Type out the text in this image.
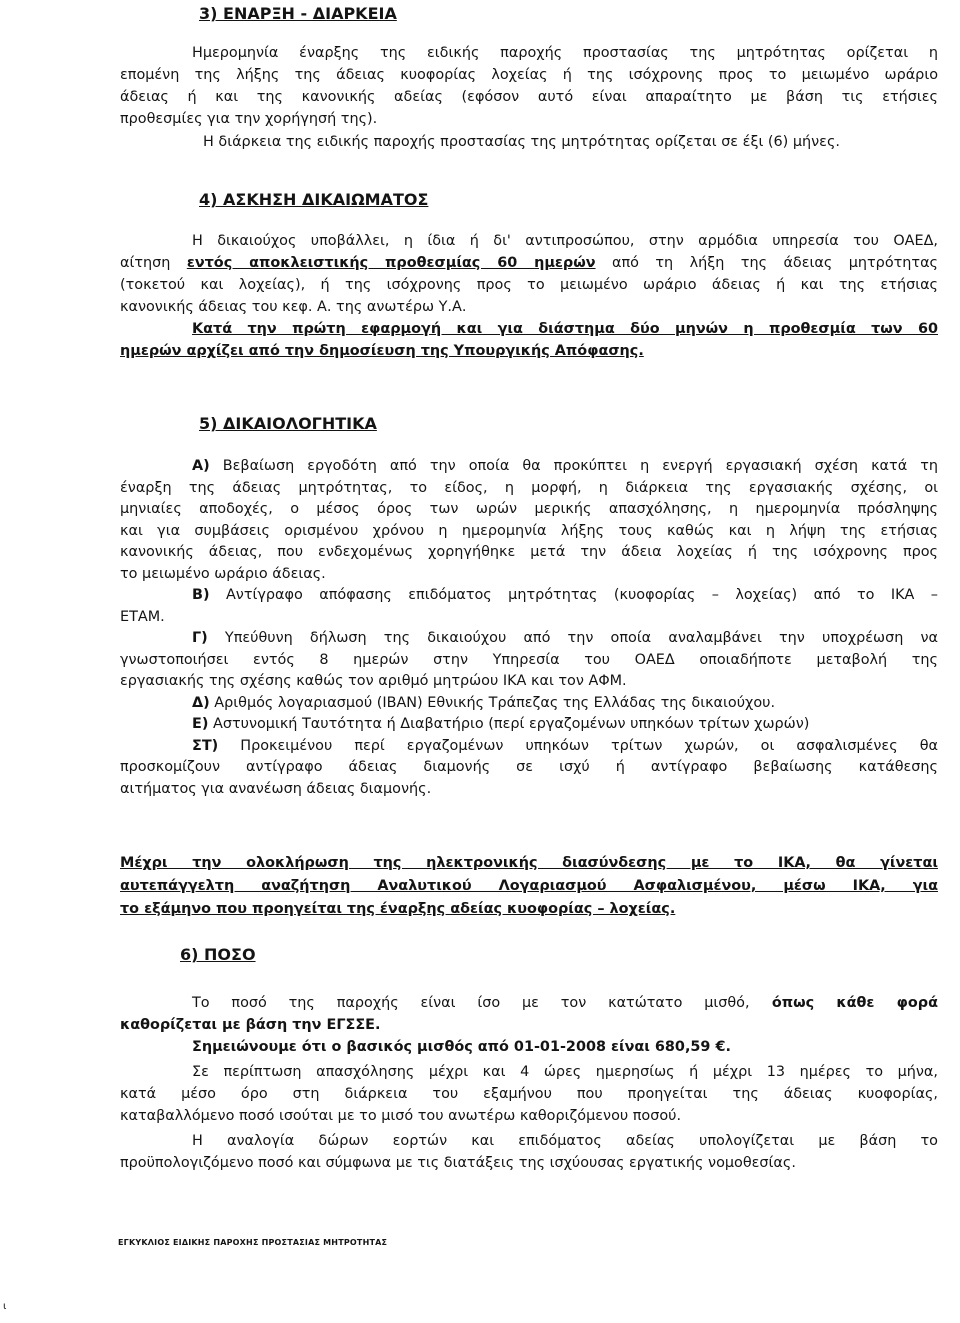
3) ΕΝΑΡΞΗ - ΔΙΑΡΚΕΙΑ
Ημερομηνία έναρξης της ειδικής παροχής προστασίας της μητρότητας ορίζεται η
επομένη της λήξης της άδειας κυοφορίας λοχείας ή της ισόχρονης προς το μειωμένο ωράριο
άδειας ή και της κανονικής αδείας (εφόσον αυτό είναι απαραίτητο με βάση τις ετήσιες
προθεσμίες για την χορήγησή της).
Η διάρκεια της ειδικής παροχής προστασίας της μητρότητας ορίζεται σε έξι (6) μήνες.
4) ΑΣΚΗΣΗ ΔΙΚΑΙΩΜΑΤΟΣ
Η δικαιούχος υποβάλλει, η ίδια ή δι' αντιπροσώπου, στην αρμόδια υπηρεσία του ΟΑΕΔ,
αίτηση εντός αποκλειστικής προθεσμίας 60 ημερών από τη λήξη της άδειας μητρότητας
(τοκετού και λοχείας), ή της ισόχρονης προς το μειωμένο ωράριο άδειας ή και της ετήσιας
κανονικής άδειας του κεφ. Α. της ανωτέρω Υ.Α.
Κατά την πρώτη εφαρμογή και για διάστημα δύο μηνών η προθεσμία των 60
ημερών αρχίζει από την δημοσίευση της Υπουργικής Απόφασης.
5) ΔΙΚΑΙΟΛΟΓΗΤΙΚΑ
Α) Βεβαίωση εργοδότη από την οποία θα προκύπτει η ενεργή εργασιακή σχέση κατά τη
έναρξη της άδειας μητρότητας, το είδος, η μορφή, η διάρκεια της εργασιακής σχέσης, οι
μηνιαίες αποδοχές, ο μέσος όρος των ωρών μερικής απασχόλησης, η ημερομηνία πρόσληψης
και για συμβάσεις ορισμένου χρόνου η ημερομηνία λήξης τους καθώς και η λήψη της ετήσιας
κανονικής άδειας, που ενδεχομένως χορηγήθηκε μετά την άδεια λοχείας ή της ισόχρονης προς
το μειωμένο ωράριο άδειας.
Β) Αντίγραφο απόφασης επιδόματος μητρότητας (κυοφορίας – λοχείας) από το ΙΚΑ –
ΕΤΑΜ.
Γ) Υπεύθυνη δήλωση της δικαιούχου από την οποία αναλαμβάνει την υποχρέωση να
γνωστοποιήσει εντός 8 ημερών στην Υπηρεσία του ΟΑΕΔ οποιαδήποτε μεταβολή της
εργασιακής της σχέσης καθώς τον αριθμό μητρώου ΙΚΑ και τον ΑΦΜ.
Δ) Αριθμός λογαριασμού (IBAN) Εθνικής Τράπεζας της Ελλάδας της δικαιούχου.
Ε) Αστυνομική Ταυτότητα ή Διαβατήριο (περί εργαζομένων υπηκόων τρίτων χωρών)
ΣΤ) Προκειμένου περί εργαζομένων υπηκόων τρίτων χωρών, οι ασφαλισμένες θα
προσκομίζουν αντίγραφο άδειας διαμονής σε ισχύ ή αντίγραφο βεβαίωσης κατάθεσης
αιτήματος για ανανέωση άδειας διαμονής.
Μέχρι την ολοκλήρωση της ηλεκτρονικής διασύνδεσης με το ΙΚΑ, θα γίνεται
αυτεπάγγελτη αναζήτηση Αναλυτικού Λογαριασμού Ασφαλισμένου, μέσω ΙΚΑ, για
το εξάμηνο που προηγείται της έναρξης αδείας κυοφορίας – λοχείας.
6) ΠΟΣΟ
Το ποσό της παροχής είναι ίσο με τον κατώτατο μισθό, όπως κάθε φορά
καθορίζεται με βάση την ΕΓΣΣΕ.
Σημειώνουμε ότι ο βασικός μισθός από 01-01-2008 είναι 680,59 €.
Σε περίπτωση απασχόλησης μέχρι και 4 ώρες ημερησίως ή μέχρι 13 ημέρες το μήνα,
κατά μέσο όρο στη διάρκεια του εξαμήνου που προηγείται της άδειας κυοφορίας,
καταβαλλόμενο ποσό ισούται με το μισό του ανωτέρω καθοριζόμενου ποσού.
Η αναλογία δώρων εορτών και επιδόματος αδείας υπολογίζεται με βάση το
προϋπολογιζόμενο ποσό και σύμφωνα με τις διατάξεις της ισχύουσας εργατικής νομοθεσίας.
ΕΓΚΥΚΛΙΟΣ ΕΙΔΙΚΗΣ ΠΑΡΟΧΗΣ ΠΡΟΣΤΑΣΙΑΣ ΜΗΤΡΟΤΗΤΑΣ
ι
